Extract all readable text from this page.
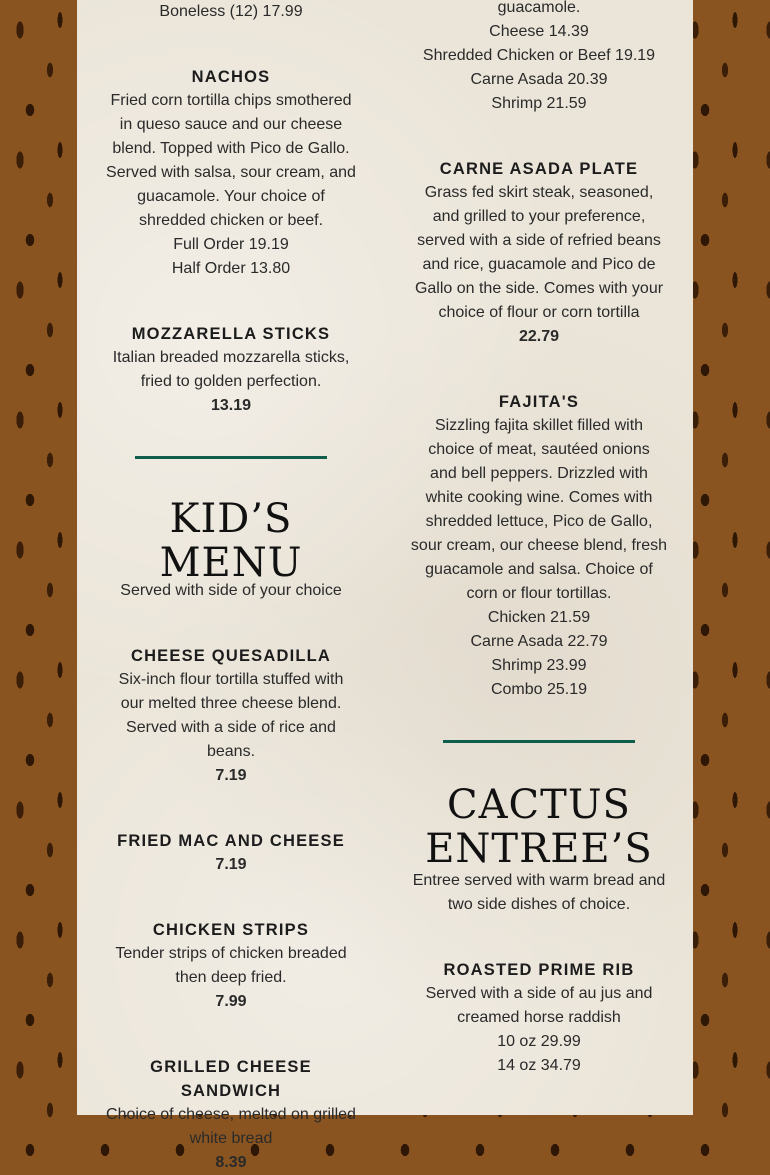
Boneless (12) 17.99
NACHOS
Fried corn tortilla chips smothered
in queso sauce and our cheese
blend. Topped with Pico de Gallo.
Served with salsa, sour cream, and
guacamole. Your choice of
shredded chicken or beef.
Full Order 19.19
Half Order 13.80
MOZZARELLA STICKS
Italian breaded mozzarella sticks,
fried to golden perfection.
13.19
KID’S MENU
Served with side of your choice
CHEESE QUESADILLA
Six-inch flour tortilla stuffed with
our melted three cheese blend.
Served with a side of rice and
beans.
7.19
FRIED MAC AND CHEESE
7.19
CHICKEN STRIPS
Tender strips of chicken breaded
then deep fried.
7.99
GRILLED CHEESE SANDWICH
Choice of cheese, melted on grilled
white bread
8.39
guacamole.
Cheese 14.39
Shredded Chicken or Beef 19.19
Carne Asada 20.39
Shrimp 21.59
CARNE ASADA PLATE
Grass fed skirt steak, seasoned,
and grilled to your preference,
served with a side of refried beans
and rice, guacamole and Pico de
Gallo on the side. Comes with your
choice of flour or corn tortilla
22.79
FAJITA'S
Sizzling fajita skillet filled with
choice of meat, sautéed onions
and bell peppers. Drizzled with
white cooking wine. Comes with
shredded lettuce, Pico de Gallo,
sour cream, our cheese blend, fresh
guacamole and salsa. Choice of
corn or flour tortillas.
Chicken 21.59
Carne Asada 22.79
Shrimp 23.99
Combo 25.19
CACTUS
ENTREE’S
Entree served with warm bread and
two side dishes of choice.
ROASTED PRIME RIB
Served with a side of au jus and
creamed horse raddish
10 oz 29.99
14 oz 34.79
